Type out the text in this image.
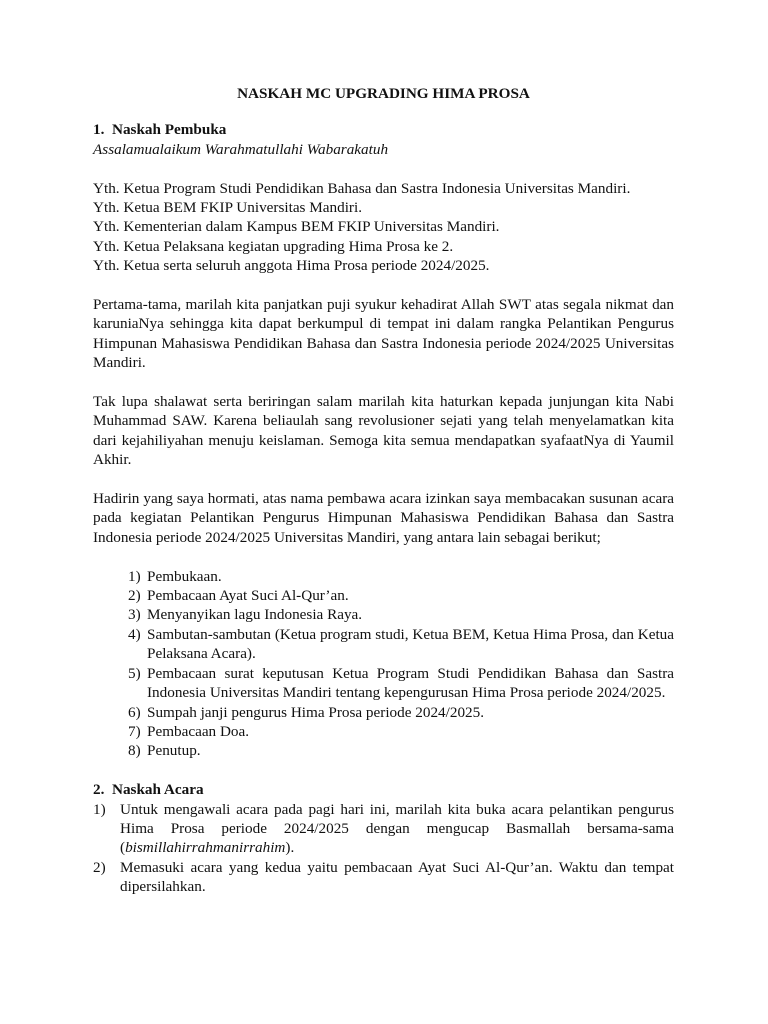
NASKAH MC UPGRADING HIMA PROSA

1. Naskah Pembuka

Assalamualaikum Warahmatullahi Wabarakatuh

Yth. Ketua Program Studi Pendidikan Bahasa dan Sastra Indonesia Universitas Mandiri.

Yth. Ketua BEM FKIP Universitas Mandiri.

Yth. Kementerian dalam Kampus BEM FKIP Universitas Mandiri.

Yth. Ketua Pelaksana kegiatan upgrading Hima Prosa ke 2.

Yth. Ketua serta seluruh anggota Hima Prosa periode 2024/2025.

Pertama-tama, marilah kita panjatkan puji syukur kehadirat Allah SWT atas segala nikmat dan karuniaNya sehingga kita dapat berkumpul di tempat ini dalam rangka Pelantikan Pengurus Himpunan Mahasiswa Pendidikan Bahasa dan Sastra Indonesia periode 2024/2025 Universitas Mandiri.

Tak lupa shalawat serta beriringan salam marilah kita haturkan kepada junjungan kita Nabi Muhammad SAW. Karena beliaulah sang revolusioner sejati yang telah menyelamatkan kita dari kejahiliyahan menuju keislaman. Semoga kita semua mendapatkan syafaatNya di Yaumil Akhir.

Hadirin yang saya hormati, atas nama pembawa acara izinkan saya membacakan susunan acara pada kegiatan Pelantikan Pengurus Himpunan Mahasiswa Pendidikan Bahasa dan Sastra Indonesia periode 2024/2025 Universitas Mandiri, yang antara lain sebagai berikut;

1) Pembukaan.
2) Pembacaan Ayat Suci Al-Qur’an.
3) Menyanyikan lagu Indonesia Raya.
4) Sambutan-sambutan (Ketua program studi, Ketua BEM, Ketua Hima Prosa, dan Ketua Pelaksana Acara).
5) Pembacaan surat keputusan Ketua Program Studi Pendidikan Bahasa dan Sastra Indonesia Universitas Mandiri tentang kepengurusan Hima Prosa periode 2024/2025.
6) Sumpah janji pengurus Hima Prosa periode 2024/2025.
7) Pembacaan Doa.
8) Penutup.
2. Naskah Acara
1) Untuk mengawali acara pada pagi hari ini, marilah kita buka acara pelantikan pengurus Hima Prosa periode 2024/2025 dengan mengucap Basmallah bersama-sama (bismillahirrahmanirrahim).
2) Memasuki acara yang kedua yaitu pembacaan Ayat Suci Al-Qur’an. Waktu dan tempat dipersilahkan.
